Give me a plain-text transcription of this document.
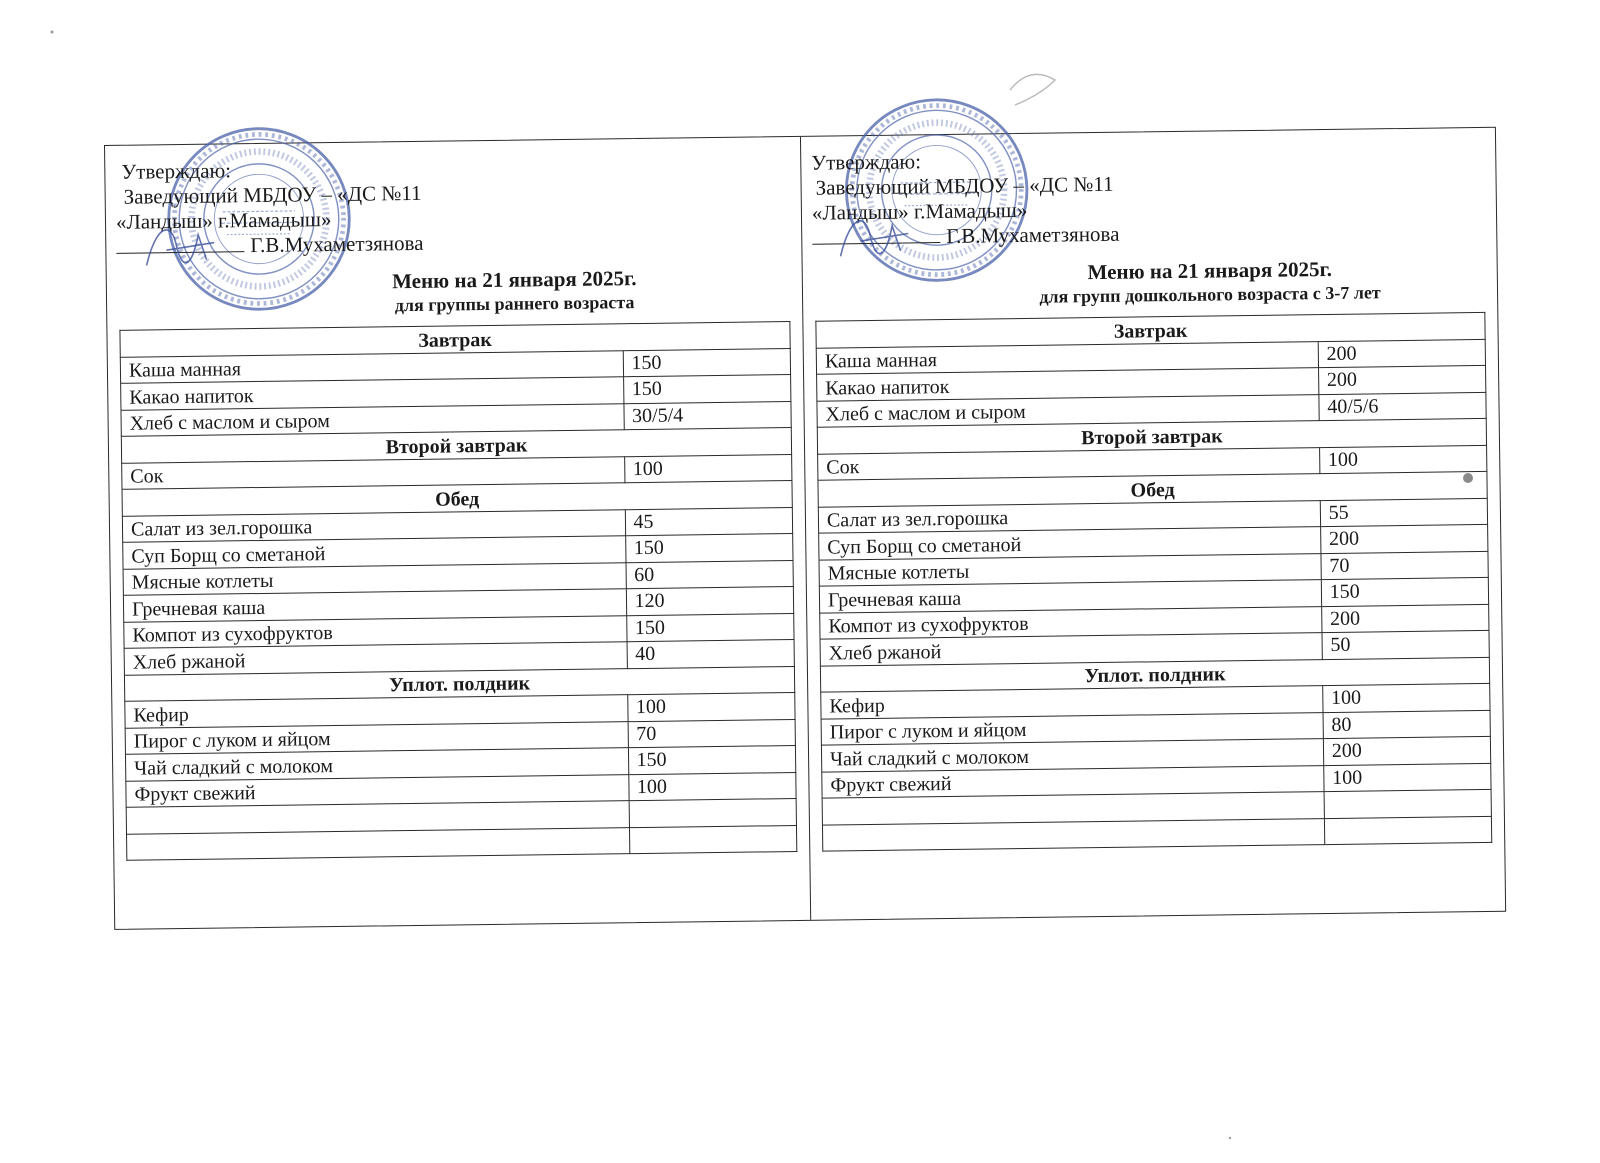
Утверждаю:
Заведующий МБДОУ – «ДС №11
«Ландыш» г.Мамадыш»
Г.В.Мухаметзянова
Меню на 21 января 2025г.
для группы раннего возраста
Завтрак	
Каша манная	150
Какао напиток	150
Хлеб с маслом и сыром	30/5/4
Второй завтрак	
Сок	100
Обед	
Салат из зел.горошка	45
Суп Борщ со сметаной	150
Мясные котлеты	60
Гречневая каша	120
Компот из сухофруктов	150
Хлеб ржаной	40
Уплот. полдник	
Кефир	100
Пирог с луком и яйцом	70
Чай сладкий с молоком	150
Фрукт свежий	100

Утверждаю:
Заведующий МБДОУ – «ДС №11
«Ландыш» г.Мамадыш»
Г.В.Мухаметзянова
Меню на 21 января 2025г.
для групп дошкольного возраста с 3-7 лет
Завтрак	
Каша манная	200
Какао напиток	200
Хлеб с маслом и сыром	40/5/6
Второй завтрак	
Сок	100
Обед	
Салат из зел.горошка	55
Суп Борщ со сметаной	200
Мясные котлеты	70
Гречневая каша	150
Компот из сухофруктов	200
Хлеб ржаной	50
Уплот. полдник	
Кефир	100
Пирог с луком и яйцом	80
Чай сладкий с молоком	200
Фрукт свежий	100
